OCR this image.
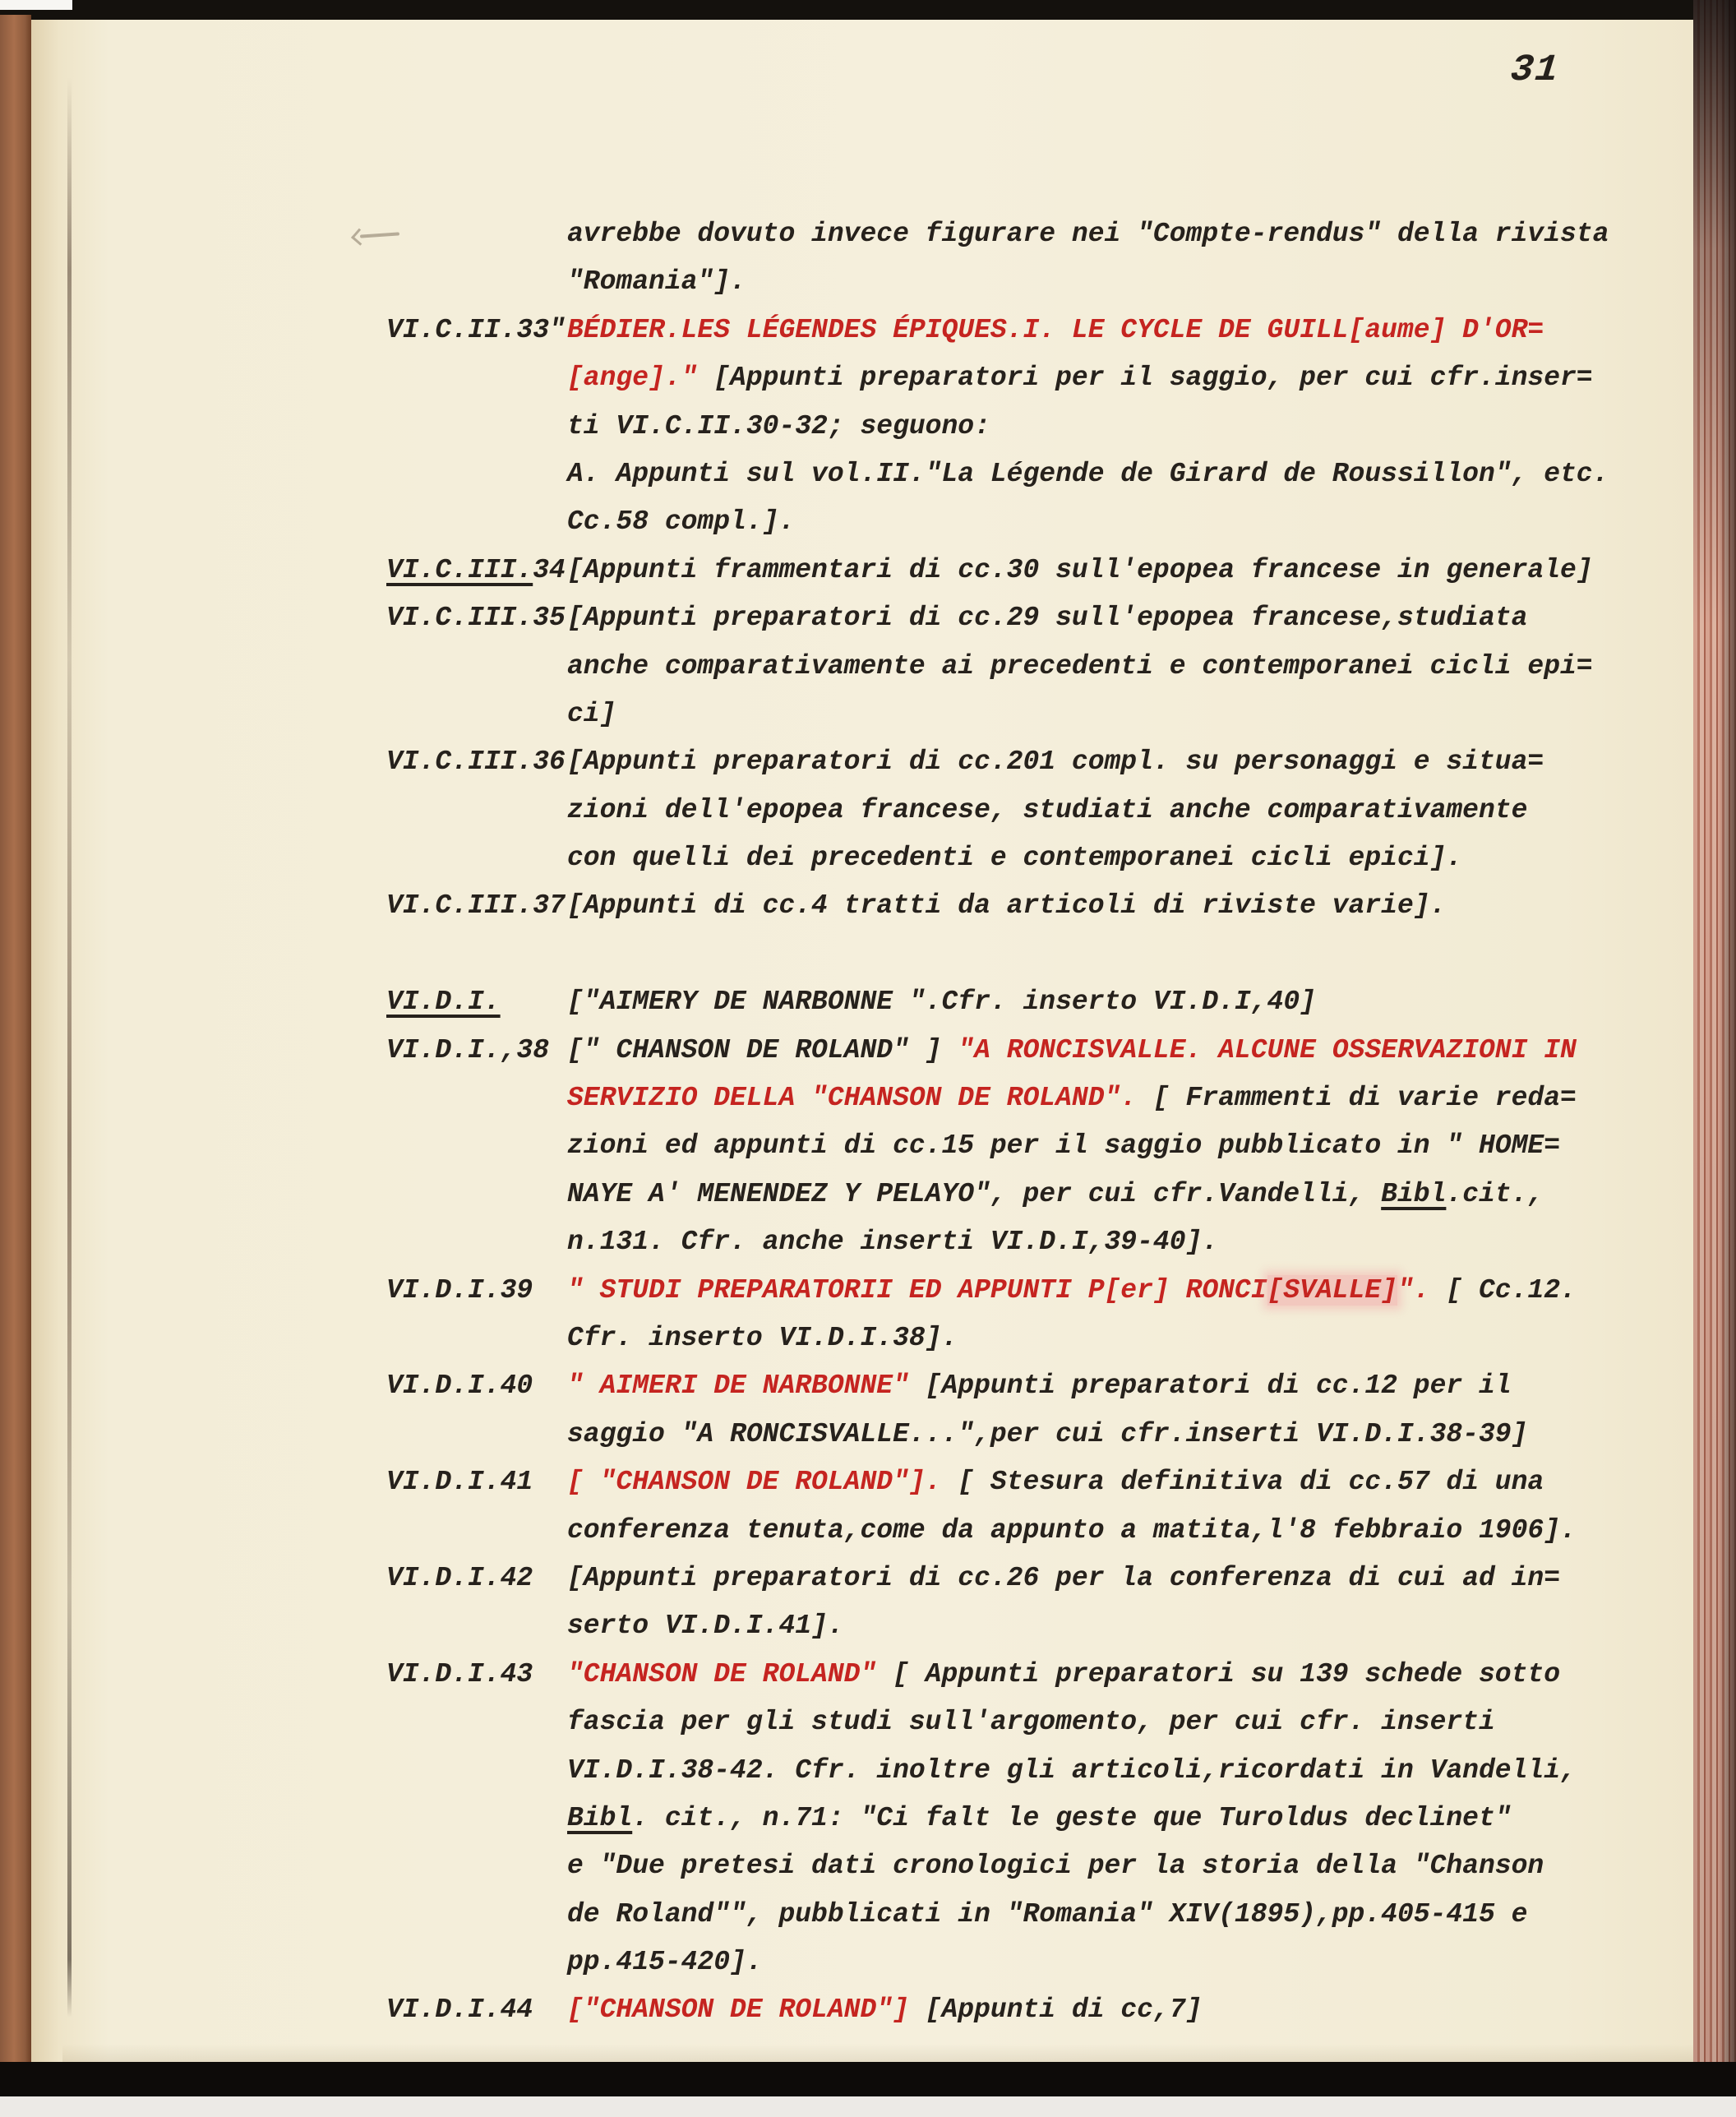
31
avrebbe dovuto invece figurare nei "Compte-rendus" della rivista
"Romania"].
VI.C.II.33" BÉDIER.LES LÉGENDES ÉPIQUES.I. LE CYCLE DE GUILL[aume] D'OR=
[ange]." [Appunti preparatori per il saggio, per cui cfr.inser=
ti VI.C.II.30-32; seguono:
A. Appunti sul vol.II."La Légende de Girard de Roussillon", etc.
Cc.58 compl.].
VI.C.III.34 [Appunti frammentari di cc.30 sull'epopea francese in generale]
VI.C.III.35 [Appunti preparatori di cc.29 sull'epopea francese,studiata
anche comparativamente ai precedenti e contemporanei cicli epi=
ci]
VI.C.III.36 [Appunti preparatori di cc.201 compl. su personaggi e situa=
zioni dell'epopea francese, studiati anche comparativamente
con quelli dei precedenti e contemporanei cicli epici].
VI.C.III.37 [Appunti di cc.4 tratti da articoli di riviste varie].
VI.D.I. ["AIMERY DE NARBONNE ".Cfr. inserto VI.D.I,40]
VI.D.I.,38 [" CHANSON DE ROLAND" ] "A RONCISVALLE. ALCUNE OSSERVAZIONI IN
SERVIZIO DELLA "CHANSON DE ROLAND". [ Frammenti di varie reda=
zioni ed appunti di cc.15 per il saggio pubblicato in " HOME=
NAYE A' MENENDEZ Y PELAYO", per cui cfr.Vandelli, Bibl.cit.,
n.131. Cfr. anche inserti VI.D.I,39-40].
VI.D.I.39 " STUDI PREPARATORII ED APPUNTI P[er] RONCI[SVALLE]". [ Cc.12.
Cfr. inserto VI.D.I.38].
VI.D.I.40 " AIMERI DE NARBONNE" [Appunti preparatori di cc.12 per il
saggio "A RONCISVALLE...",per cui cfr.inserti VI.D.I.38-39]
VI.D.I.41 [ "CHANSON DE ROLAND"]. [ Stesura definitiva di cc.57 di una
conferenza tenuta,come da appunto a matita,l'8 febbraio 1906].
VI.D.I.42 [Appunti preparatori di cc.26 per la conferenza di cui ad in=
serto VI.D.I.41].
VI.D.I.43 "CHANSON DE ROLAND" [ Appunti preparatori su 139 schede sotto
fascia per gli studi sull'argomento, per cui cfr. inserti
VI.D.I.38-42. Cfr. inoltre gli articoli,ricordati in Vandelli,
Bibl. cit., n.71: "Ci falt le geste que Turoldus declinet"
e "Due pretesi dati cronologici per la storia della "Chanson
de Roland"", pubblicati in "Romania" XIV(1895),pp.405-415 e
pp.415-420].
VI.D.I.44 ["CHANSON DE ROLAND"] [Appunti di cc,7]
